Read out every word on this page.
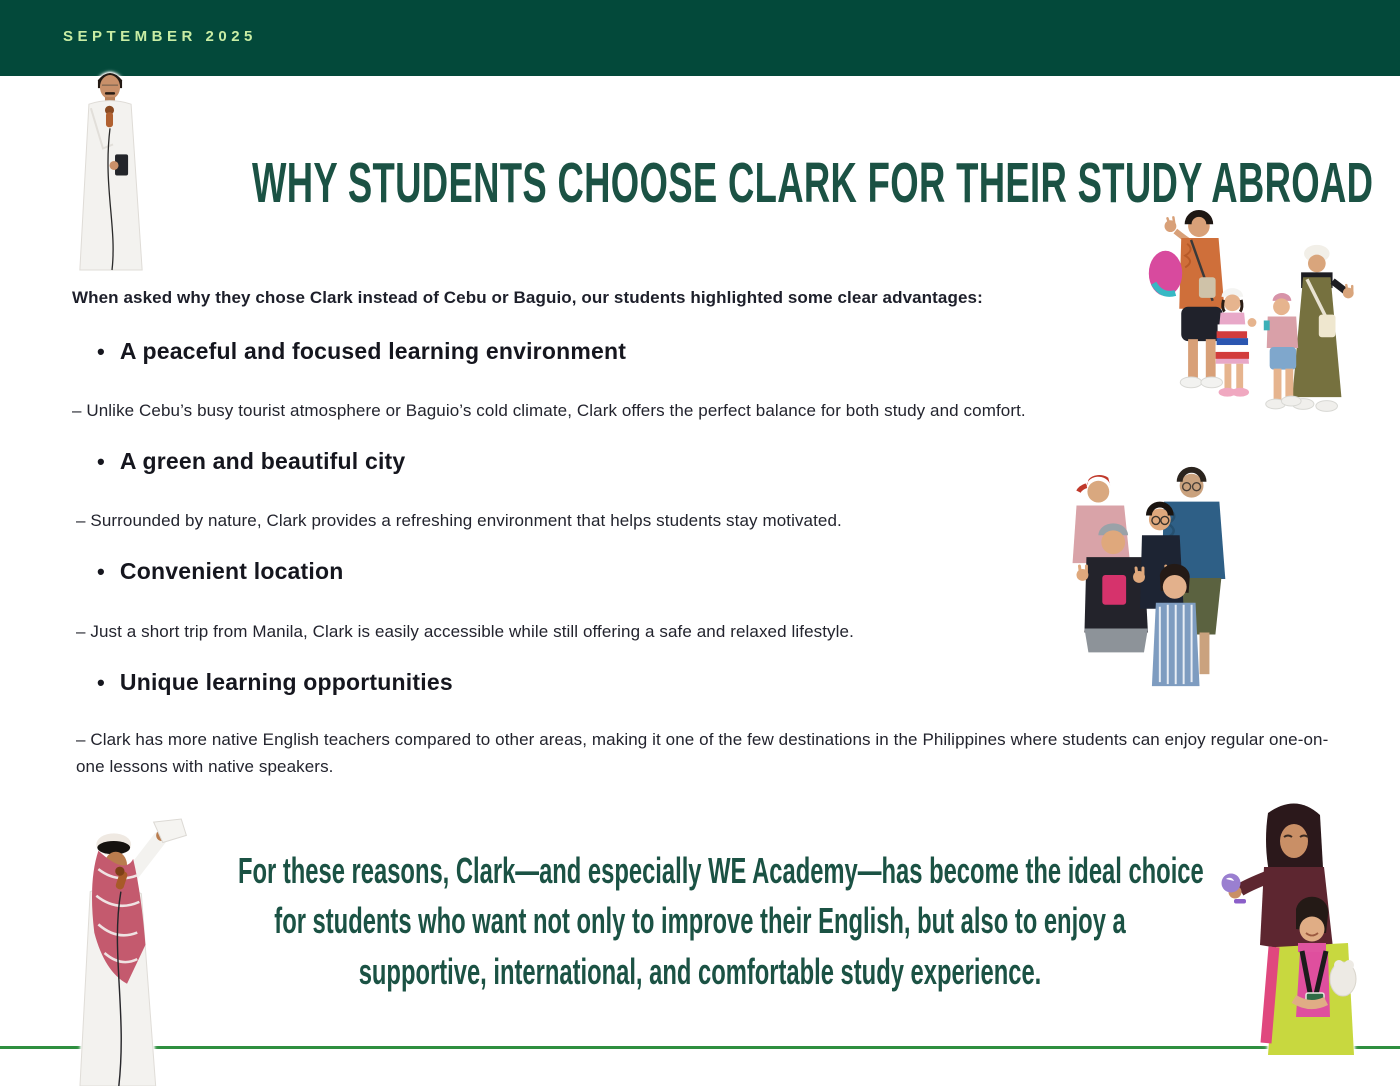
SEPTEMBER 2025
WHY STUDENTS CHOOSE CLARK FOR THEIR STUDY ABROAD
When asked why they chose Clark instead of Cebu or Baguio, our students highlighted some clear advantages:
• A peaceful and focused learning environment
– Unlike Cebu’s busy tourist atmosphere or Baguio’s cold climate, Clark offers the perfect balance for both study and comfort.
• A green and beautiful city
– Surrounded by nature, Clark provides a refreshing environment that helps students stay motivated.
• Convenient location
– Just a short trip from Manila, Clark is easily accessible while still offering a safe and relaxed lifestyle.
• Unique learning opportunities
– Clark has more native English teachers compared to other areas, making it one of the few destinations in the Philippines where students can enjoy regular one-on-one lessons with native speakers.
For these reasons, Clark—and especially WE Academy—has become the ideal choice
for students who want not only to improve their English, but also to enjoy a
supportive, international, and comfortable study experience.
